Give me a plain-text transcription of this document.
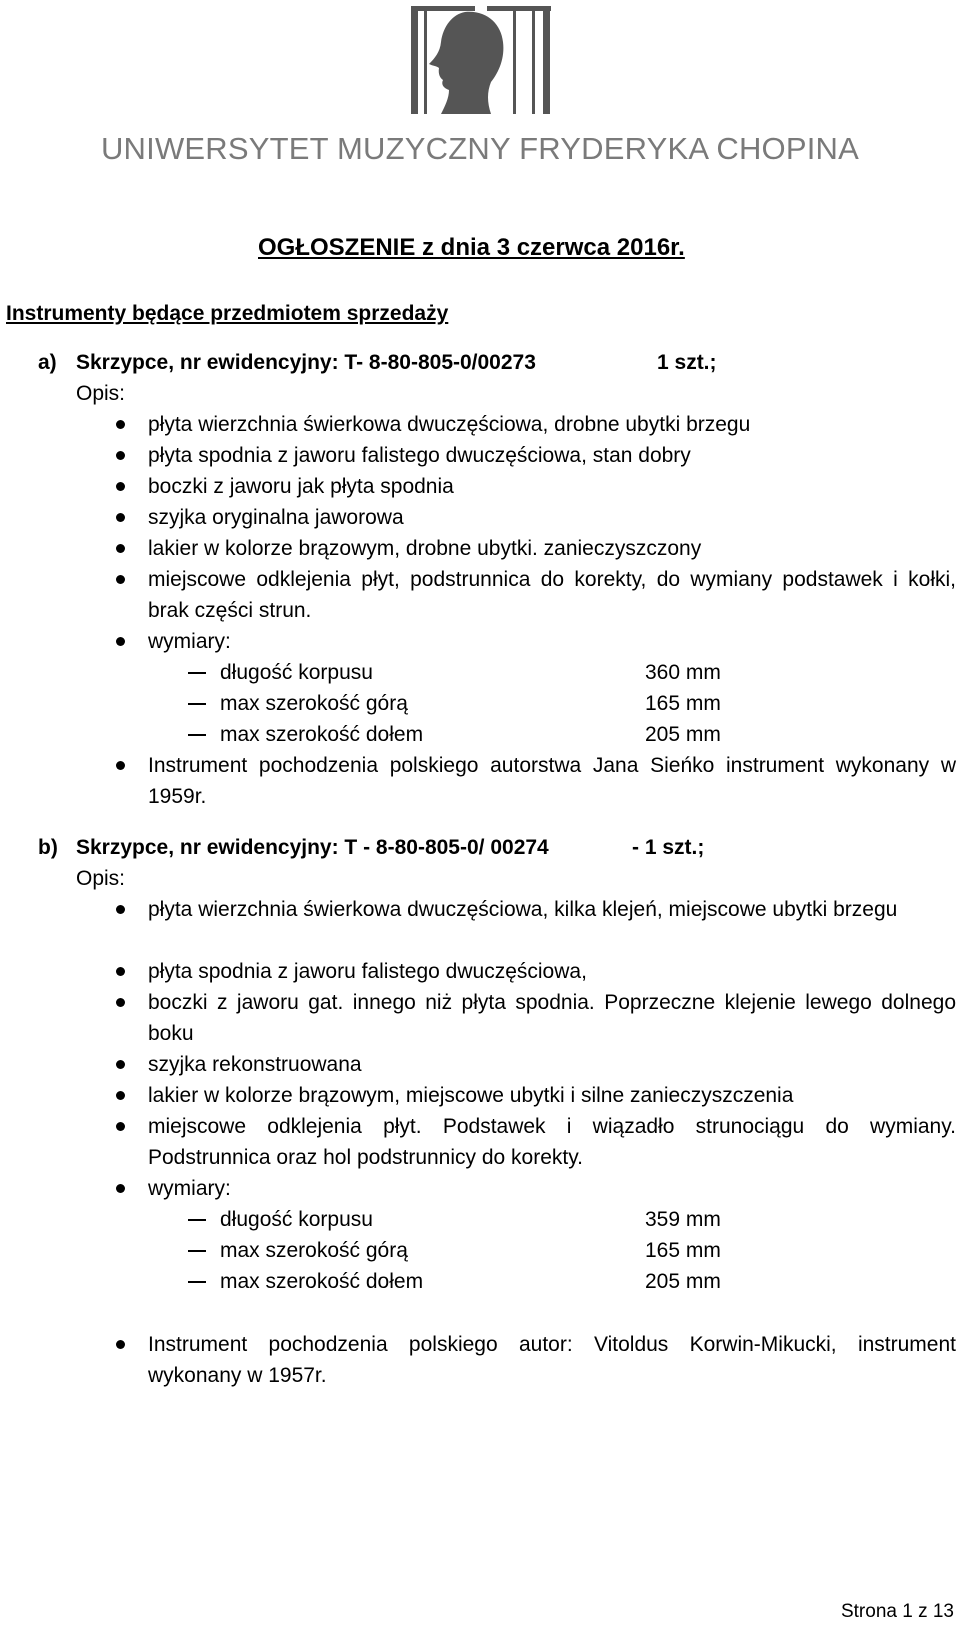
UNIWERSYTET MUZYCZNY FRYDERYKA CHOPINA
OGŁOSZENIE z dnia 3 czerwca 2016r.
Instrumenty będące przedmiotem sprzedaży
a) Skrzypce, nr ewidencyjny: T- 8-80-805-0/00273	1 szt.;
Opis:
płyta wierzchnia świerkowa dwuczęściowa, drobne ubytki brzegu
płyta spodnia z jaworu falistego dwuczęściowa, stan dobry
boczki z jaworu jak płyta spodnia
szyjka oryginalna jaworowa
lakier w kolorze brązowym, drobne ubytki. zanieczyszczony
miejscowe odklejenia płyt, podstrunnica do korekty, do wymiany podstawek i kołki, brak części strun.
wymiary:
długość korpusu	360 mm
max szerokość górą	165 mm
max szerokość dołem	205 mm
Instrument pochodzenia polskiego autorstwa Jana Sieńko instrument wykonany w 1959r.
b) Skrzypce, nr ewidencyjny: T - 8-80-805-0/ 00274	- 1 szt.;
Opis:
płyta wierzchnia świerkowa dwuczęściowa, kilka klejeń, miejscowe ubytki brzegu
płyta spodnia z jaworu falistego dwuczęściowa,
boczki z jaworu gat. innego niż płyta spodnia. Poprzeczne klejenie lewego dolnego boku
szyjka rekonstruowana
lakier w kolorze brązowym, miejscowe ubytki i silne zanieczyszczenia
miejscowe odklejenia płyt. Podstawek i wiązadło strunociągu do wymiany. Podstrunnica oraz hol podstrunnicy do korekty.
wymiary:
długość korpusu	359 mm
max szerokość górą	165 mm
max szerokość dołem	205 mm
Instrument pochodzenia polskiego autor: Vitoldus Korwin-Mikucki, instrument wykonany w 1957r.
Strona 1 z 13
